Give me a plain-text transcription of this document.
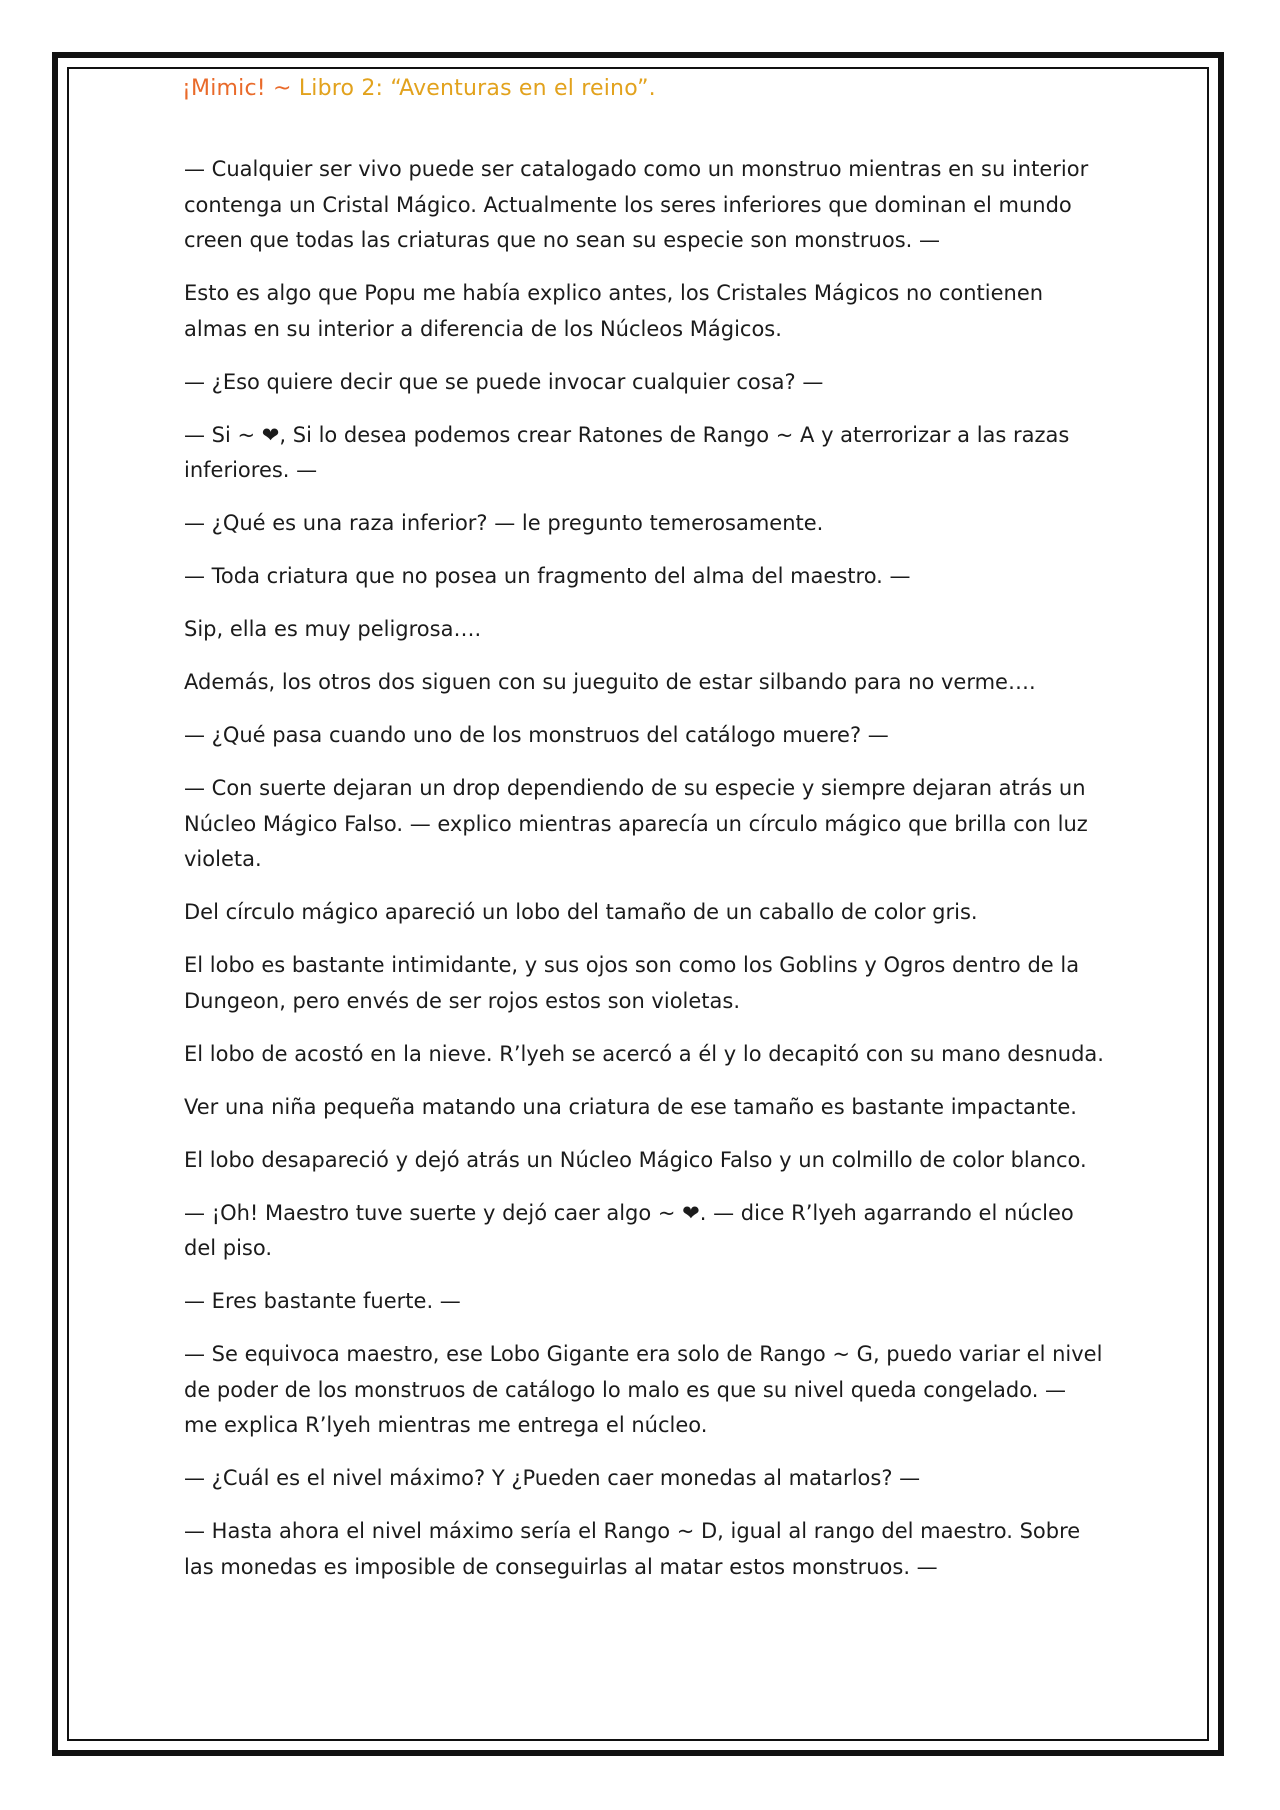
¡Mimic! ~ Libro 2: “Aventuras en el reino”.

— Cualquier ser vivo puede ser catalogado como un monstruo mientras en su interior contenga un Cristal Mágico. Actualmente los seres inferiores que dominan el mundo creen que todas las criaturas que no sean su especie son monstruos. —

Esto es algo que Popu me había explico antes, los Cristales Mágicos no contienen almas en su interior a diferencia de los Núcleos Mágicos.

— ¿Eso quiere decir que se puede invocar cualquier cosa? —

— Si ~ ❤, Si lo desea podemos crear Ratones de Rango ~ A y aterrorizar a las razas inferiores. —

— ¿Qué es una raza inferior? — le pregunto temerosamente.

— Toda criatura que no posea un fragmento del alma del maestro. —

Sip, ella es muy peligrosa….

Además, los otros dos siguen con su jueguito de estar silbando para no verme….

— ¿Qué pasa cuando uno de los monstruos del catálogo muere? —

— Con suerte dejaran un drop dependiendo de su especie y siempre dejaran atrás un Núcleo Mágico Falso. — explico mientras aparecía un círculo mágico que brilla con luz violeta.

Del círculo mágico apareció un lobo del tamaño de un caballo de color gris.

El lobo es bastante intimidante, y sus ojos son como los Goblins y Ogros dentro de la Dungeon, pero envés de ser rojos estos son violetas.

El lobo de acostó en la nieve. R’lyeh se acercó a él y lo decapitó con su mano desnuda.

Ver una niña pequeña matando una criatura de ese tamaño es bastante impactante.

El lobo desapareció y dejó atrás un Núcleo Mágico Falso y un colmillo de color blanco.

— ¡Oh! Maestro tuve suerte y dejó caer algo ~ ❤. — dice R’lyeh agarrando el núcleo del piso.

— Eres bastante fuerte. —

— Se equivoca maestro, ese Lobo Gigante era solo de Rango ~ G, puedo variar el nivel de poder de los monstruos de catálogo lo malo es que su nivel queda congelado. — me explica R’lyeh mientras me entrega el núcleo.

— ¿Cuál es el nivel máximo? Y ¿Pueden caer monedas al matarlos? —

— Hasta ahora el nivel máximo sería el Rango ~ D, igual al rango del maestro. Sobre las monedas es imposible de conseguirlas al matar estos monstruos. —
